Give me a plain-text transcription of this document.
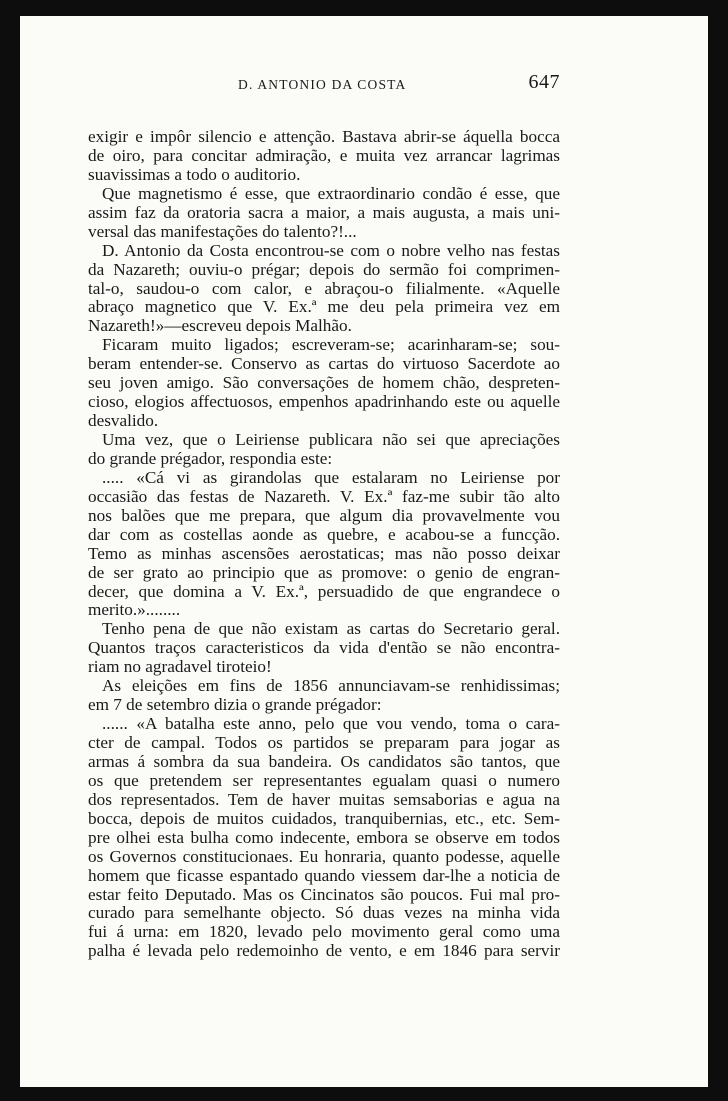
D. ANTONIO DA COSTA	647
exigir e impôr silencio e attenção. Bastava abrir-se áquella bocca
de oiro, para concitar admiração, e muita vez arrancar lagrimas
suavissimas a todo o auditorio.
Que magnetismo é esse, que extraordinario condão é esse, que
assim faz da oratoria sacra a maior, a mais augusta, a mais uni-
versal das manifestações do talento?!...
D. Antonio da Costa encontrou-se com o nobre velho nas festas
da Nazareth; ouviu-o prégar; depois do sermão foi comprimen-
tal-o, saudou-o com calor, e abraçou-o filialmente. «Aquelle
abraço magnetico que V. Ex.ª me deu pela primeira vez em
Nazareth!»—escreveu depois Malhão.
Ficaram muito ligados; escreveram-se; acarinharam-se; sou-
beram entender-se. Conservo as cartas do virtuoso Sacerdote ao
seu joven amigo. São conversações de homem chão, despreten-
cioso, elogios affectuosos, empenhos apadrinhando este ou aquelle
desvalido.
Uma vez, que o Leiriense publicara não sei que apreciações
do grande prégador, respondia este:
..... «Cá vi as girandolas que estalaram no Leiriense por
occasião das festas de Nazareth. V. Ex.ª faz-me subir tão alto
nos balões que me prepara, que algum dia provavelmente vou
dar com as costellas aonde as quebre, e acabou-se a funcção.
Temo as minhas ascensões aerostaticas; mas não posso deixar
de ser grato ao principio que as promove: o genio de engran-
decer, que domina a V. Ex.ª, persuadido de que engrandece o
merito.»........
Tenho pena de que não existam as cartas do Secretario geral.
Quantos traços caracteristicos da vida d'então se não encontra-
riam no agradavel tiroteio!
As eleições em fins de 1856 annunciavam-se renhidissimas;
em 7 de setembro dizia o grande prégador:
...... «A batalha este anno, pelo que vou vendo, toma o cara-
cter de campal. Todos os partidos se preparam para jogar as
armas á sombra da sua bandeira. Os candidatos são tantos, que
os que pretendem ser representantes egualam quasi o numero
dos representados. Tem de haver muitas semsaborias e agua na
bocca, depois de muitos cuidados, tranquibernias, etc., etc. Sem-
pre olhei esta bulha como indecente, embora se observe em todos
os Governos constitucionaes. Eu honraria, quanto podesse, aquelle
homem que ficasse espantado quando viessem dar-lhe a noticia de
estar feito Deputado. Mas os Cincinatos são poucos. Fui mal pro-
curado para semelhante objecto. Só duas vezes na minha vida
fui á urna: em 1820, levado pelo movimento geral como uma
palha é levada pelo redemoinho de vento, e em 1846 para servir
